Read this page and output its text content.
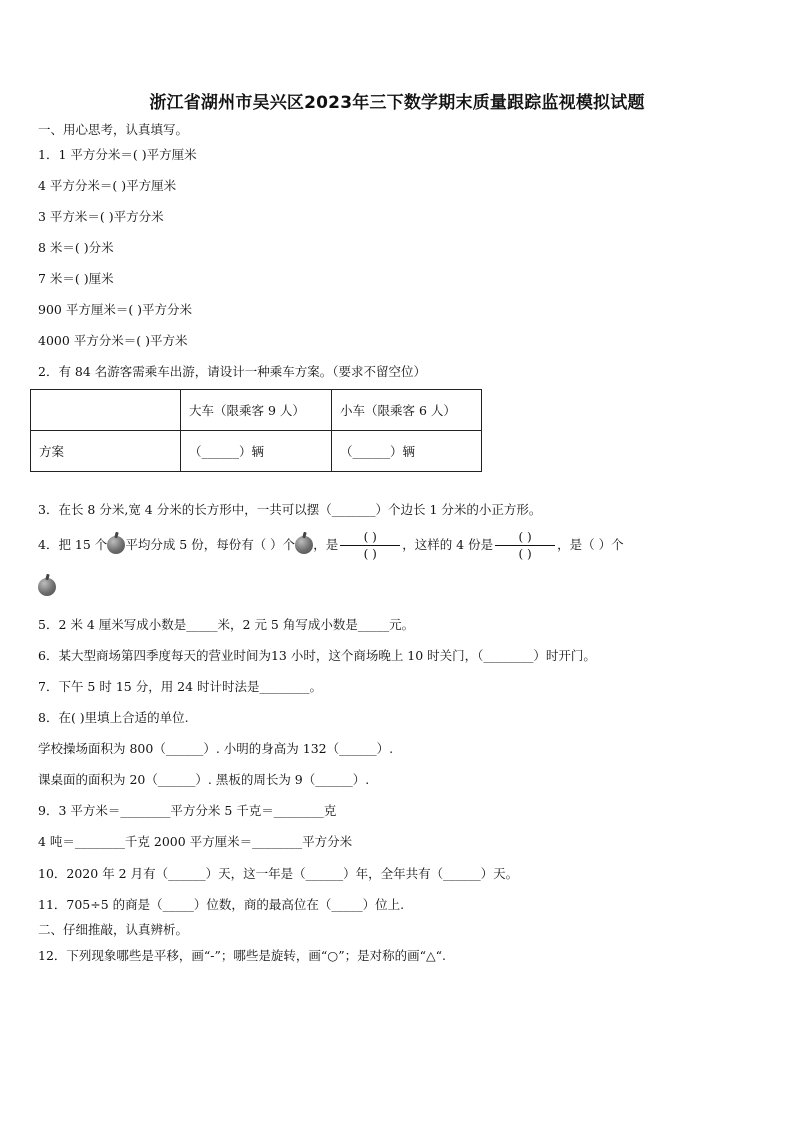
浙江省湖州市吴兴区2023年三下数学期末质量跟踪监视模拟试题
一、用心思考，认真填写。
1．1 平方分米＝( )平方厘米
4 平方分米＝( )平方厘米
3 平方米＝( )平方分米
8 米＝( )分米
7 米＝( )厘米
900 平方厘米＝( )平方分米
4000 平方分米＝( )平方米
2．有 84 名游客需乘车出游，请设计一种乘车方案。（要求不留空位）
	大车（限乘客 9 人）	小车（限乘客 6 人）
方案	（______）辆	（______）辆
3．在长 8 分米,宽 4 分米的长方形中，一共可以摆（_______）个边长 1 分米的小正方形。
4．把 15 个 平均分成 5 份，每份有（ ）个 ，是 $\frac{( )}{( )}$ ，这样的 4 份是 $\frac{( )}{( )}$ ，是（ ）个
5．2 米 4 厘米写成小数是_____米，2 元 5 角写成小数是_____元。
6．某大型商场第四季度每天的营业时间为13 小时，这个商场晚上 10 时关门，（________）时开门。
7．下午 5 时 15 分，用 24 时计时法是________。
8．在( )里填上合适的单位.
学校操场面积为 800（______）. 小明的身高为 132（______）.
课桌面的面积为 20（______）. 黑板的周长为 9（______）.
9．3 平方米＝________平方分米 5 千克＝________克
4 吨＝________千克 2000 平方厘米＝________平方分米
10．2020 年 2 月有（______）天，这一年是（______）年，全年共有（______）天。
11．705÷5 的商是（_____）位数，商的最高位在（_____）位上.
二、仔细推敲，认真辨析。
12．下列现象哪些是平移，画“-”；哪些是旋转，画“○”；是对称的画“△“.
